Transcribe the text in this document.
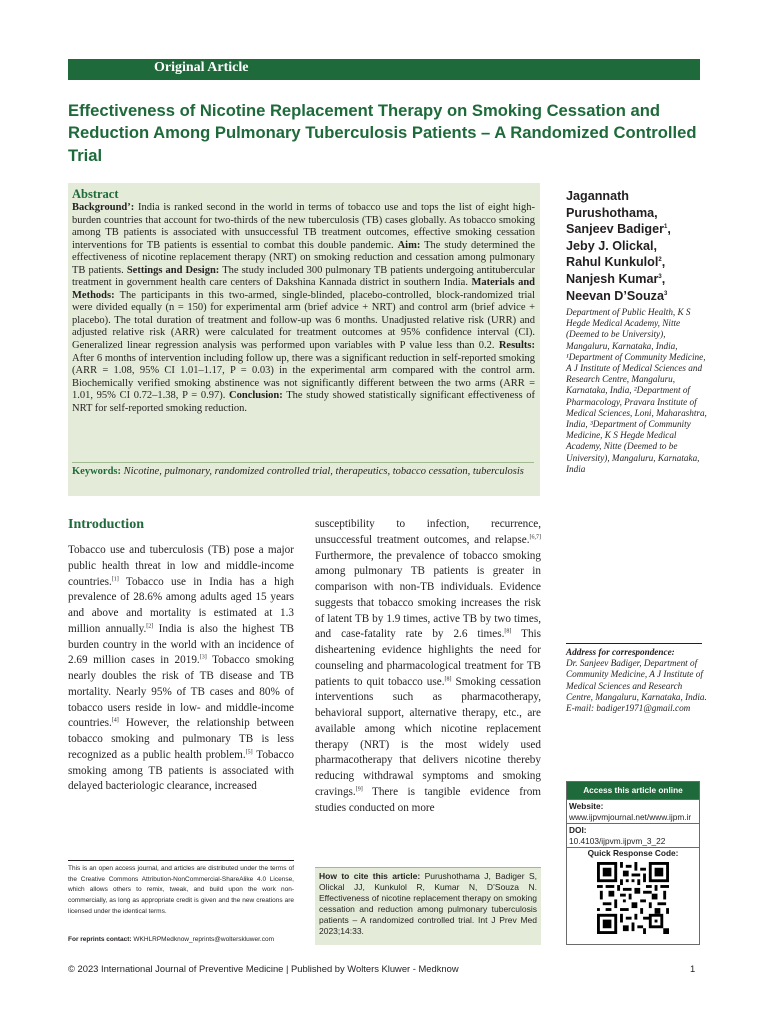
Original Article
Effectiveness of Nicotine Replacement Therapy on Smoking Cessation and Reduction Among Pulmonary Tuberculosis Patients – A Randomized Controlled Trial
Abstract
Background’: India is ranked second in the world in terms of tobacco use and tops the list of eight high-burden countries that account for two-thirds of the new tuberculosis (TB) cases globally. As tobacco smoking among TB patients is associated with unsuccessful TB treatment outcomes, effective smoking cessation interventions for TB patients is essential to combat this double pandemic. Aim: The study determined the effectiveness of nicotine replacement therapy (NRT) on smoking reduction and cessation among pulmonary TB patients. Settings and Design: The study included 300 pulmonary TB patients undergoing antitubercular treatment in government health care centers of Dakshina Kannada district in southern India. Materials and Methods: The participants in this two-armed, single-blinded, placebo-controlled, block-randomized trial were divided equally (n = 150) for experimental arm (brief advice + NRT) and control arm (brief advice + placebo). The total duration of treatment and follow-up was 6 months. Unadjusted relative risk (URR) and adjusted relative risk (ARR) were calculated for treatment outcomes at 95% confidence interval (CI). Generalized linear regression analysis was performed upon variables with P value less than 0.2. Results: After 6 months of intervention including follow up, there was a significant reduction in self-reported smoking (ARR = 1.08, 95% CI 1.01–1.17, P = 0.03) in the experimental arm compared with the control arm. Biochemically verified smoking abstinence was not significantly different between the two arms (ARR = 1.01, 95% CI 0.72–1.38, P = 0.97). Conclusion: The study showed statistically significant effectiveness of NRT for self-reported smoking reduction.
Keywords: Nicotine, pulmonary, randomized controlled trial, therapeutics, tobacco cessation, tuberculosis
Jagannath Purushothama,
Sanjeev Badiger$^1$,
Jeby J. Olickal,
Rahul Kunkulol$^2$,
Nanjesh Kumar$^3$,
Neevan D’Souza$^3$
Department of Public Health, K S Hegde Medical Academy, Nitte (Deemed to be University), Mangaluru, Karnataka, India, ¹Department of Community Medicine, A J Institute of Medical Sciences and Research Centre, Mangaluru, Karnataka, India, ²Department of Pharmacology, Pravara Institute of Medical Sciences, Loni, Maharashtra, India, ³Department of Community Medicine, K S Hegde Medical Academy, Nitte (Deemed to be University), Mangaluru, Karnataka, India
Address for correspondence:
Dr. Sanjeev Badiger, Department of Community Medicine, A J Institute of Medical Sciences and Research Centre, Mangaluru, Karnataka, India.
E-mail: badiger1971@gmail.com
Access this article online
Website:
www.ijpvmjournal.net/www.ijpm.ir
DOI:
10.4103/ijpvm.ijpvm_3_22
Quick Response Code:
Introduction
Tobacco use and tuberculosis (TB) pose a major public health threat in low and middle-income countries.[1] Tobacco use in India has a high prevalence of 28.6% among adults aged 15 years and above and mortality is estimated at 1.3 million annually.[2] India is also the highest TB burden country in the world with an incidence of 2.69 million cases in 2019.[3] Tobacco smoking nearly doubles the risk of TB disease and TB mortality. Nearly 95% of TB cases and 80% of tobacco users reside in low- and middle-income countries.[4] However, the relationship between tobacco smoking and pulmonary TB is less recognized as a public health problem.[5] Tobacco smoking among TB patients is associated with delayed bacteriologic clearance, increased
susceptibility to infection, recurrence, unsuccessful treatment outcomes, and relapse.[6,7] Furthermore, the prevalence of tobacco smoking among pulmonary TB patients is greater in comparison with non-TB individuals. Evidence suggests that tobacco smoking increases the risk of latent TB by 1.9 times, active TB by two times, and case-fatality rate by 2.6 times.[8] This disheartening evidence highlights the need for counseling and pharmacological treatment for TB patients to quit tobacco use.[8] Smoking cessation interventions such as pharmacotherapy, behavioral support, alternative therapy, etc., are available among which nicotine replacement therapy (NRT) is the most widely used pharmacotherapy that delivers nicotine thereby reducing withdrawal symptoms and smoking cravings.[9] There is tangible evidence from studies conducted on more
This is an open access journal, and articles are distributed under the terms of the Creative Commons Attribution-NonCommercial-ShareAlike 4.0 License, which allows others to remix, tweak, and build upon the work non-commercially, as long as appropriate credit is given and the new creations are licensed under the identical terms.
For reprints contact: WKHLRPMedknow_reprints@wolterskluwer.com
How to cite this article: Purushothama J, Badiger S, Olickal JJ, Kunkulol R, Kumar N, D’Souza N. Effectiveness of nicotine replacement therapy on smoking cessation and reduction among pulmonary tuberculosis patients – A randomized controlled trial. Int J Prev Med 2023;14:33.
© 2023 International Journal of Preventive Medicine | Published by Wolters Kluwer - Medknow	1
